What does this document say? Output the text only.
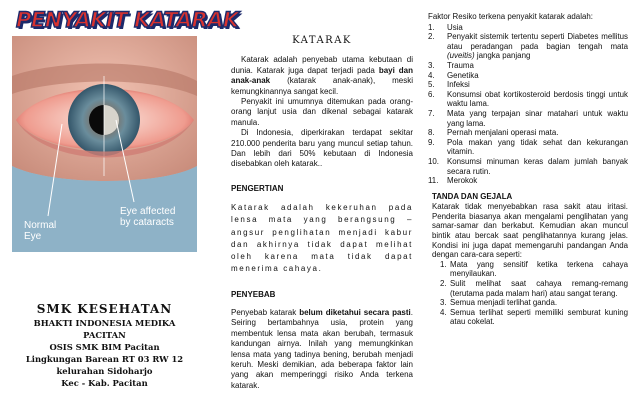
PENYAKIT KATARAK
Normal
Eye
Eye affected
by cataracts
SMK KESEHATAN
BHAKTI INDONESIA MEDIKA PACITAN
OSIS SMK BIM Pacitan
Lingkungan Barean RT 03 RW 12
kelurahan Sidoharjo
Kec - Kab. Pacitan
KATARAK

Katarak adalah penyebab utama kebutaan di dunia. Katarak juga dapat terjadi pada bayi dan anak-anak (katarak anak-anak), meski kemungkinannya sangat kecil.

Penyakit ini umumnya ditemukan pada orang-orang lanjut usia dan dikenal sebagai katarak manula.

Di Indonesia, diperkirakan terdapat sekitar 210.000 penderita baru yang muncul setiap tahun. Dan lebih dari 50% kebutaan di Indonesia disebabkan oleh katarak..

PENGERTIAN

Katarak adalah kekeruhan pada lensa mata yang berangsung – angsur penglihatan menjadi kabur dan akhirnya tidak dapat melihat oleh karena mata tidak dapat menerima cahaya.

PENYEBAB

Penyebab katarak belum diketahui secara pasti. Seiring bertambahnya usia, protein yang membentuk lensa mata akan berubah, termasuk kandungan airnya. Inilah yang memungkinkan lensa mata yang tadinya bening, berubah menjadi keruh. Meski demikian, ada beberapa faktor lain yang akan memperinggi risiko Anda terkena katarak.

Faktor Resiko terkena penyakit katarak adalah:
1. Usia
2. Penyakit sistemik tertentu seperti Diabetes mellitus atau peradangan pada bagian tengah mata (uveitis) jangka panjang
3. Trauma
4. Genetika
5. Infeksi
6. Konsumsi obat kortikosteroid berdosis tinggi untuk waktu lama.
7. Mata yang terpajan sinar matahari untuk waktu yang lama.
8. Pernah menjalani operasi mata.
9. Pola makan yang tidak sehat dan kekurangan vitamin.
10. Konsumsi minuman keras dalam jumlah banyak secara rutin.
11. Merokok
TANDA DAN GEJALA

Katarak tidak menyebabkan rasa sakit atau iritasi. Penderita biasanya akan mengalami penglihatan yang samar-samar dan berkabut. Kemudian akan muncul bintik atau bercak saat penglihatannya kurang jelas. Kondisi ini juga dapat memengaruhi pandangan Anda dengan cara-cara seperti:

1. Mata yang sensitif ketika terkena cahaya menyilaukan.
2. Sulit melihat saat cahaya remang-remang (terutama pada malam hari) atau sangat terang.
3. Semua menjadi terlihat ganda.
4. Semua terlihat seperti memiliki semburat kuning atau cokelat.
